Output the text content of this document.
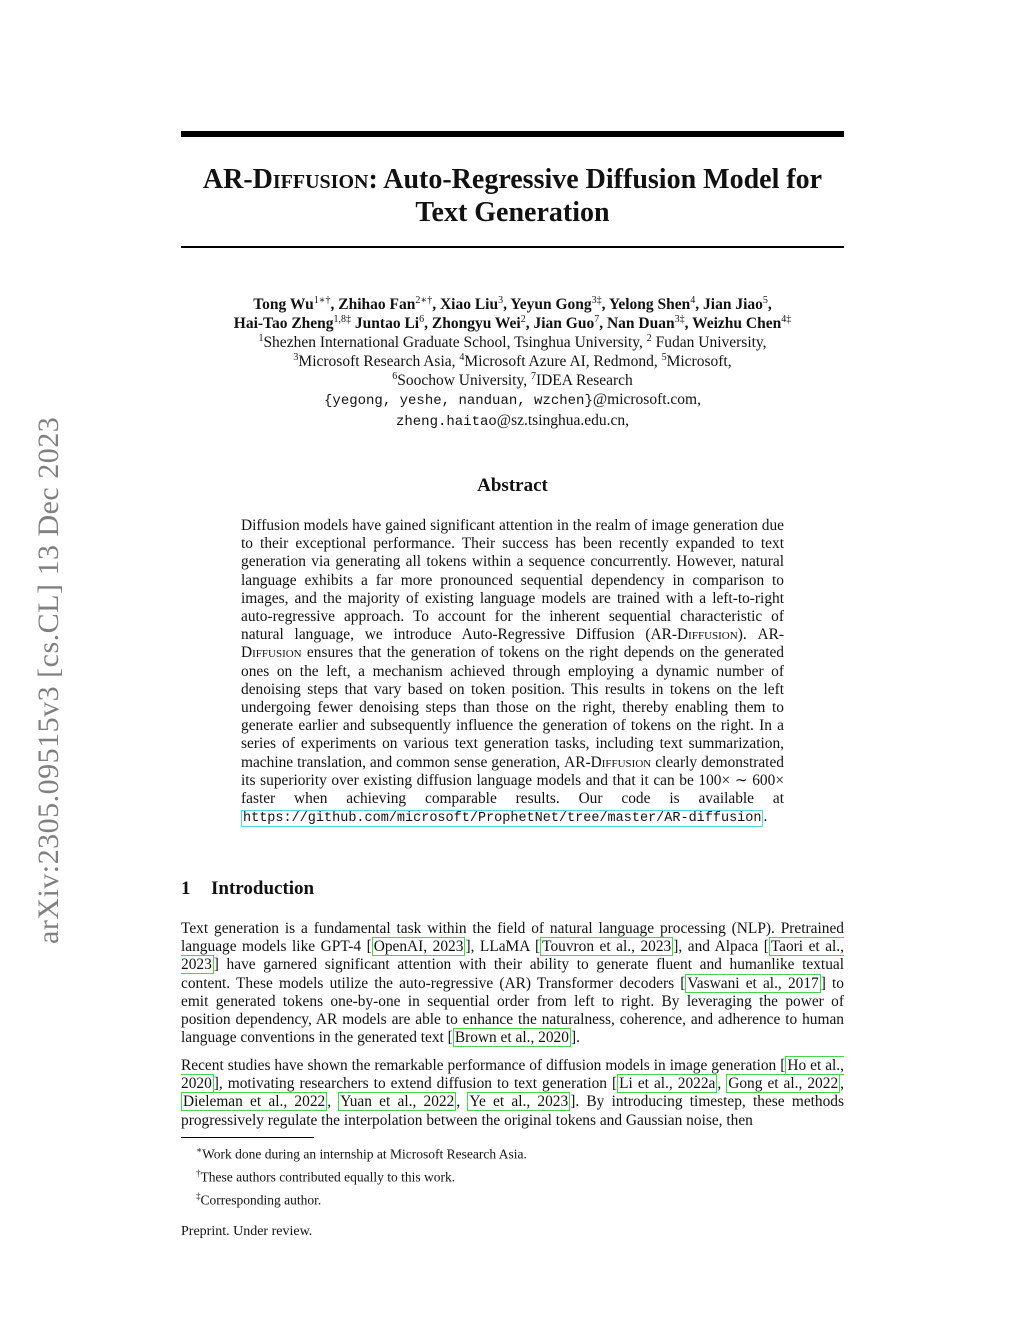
arXiv:2305.09515v3 [cs.CL] 13 Dec 2023
AR-Diffusion: Auto-Regressive Diffusion Model for
Text Generation
Tong $Wu^{1∗\dagger}$, Zhihao Fan$^{2∗\dagger}$, Xiao Liu$^3$, Yeyun Gong$^{3\ddagger}$, Yelong Shen$^4$, Jian Jiao$^5$,
Hai-Tao Zheng$^{1,8\ddagger}$ Juntao Li$^6$, Zhongyu Wei$^2$, Jian Guo$^7$, Nan Duan$^{3\ddagger}$, Weizhu Chen$^{4\ddagger}$
$^1$Shezhen International Graduate School, Tsinghua University, $^2$ Fudan University,
$^3$Microsoft Research Asia, $^4$Microsoft Azure AI, Redmond, $^5$Microsoft,
$^6$Soochow University, $^7$IDEA Research
{yegong, yeshe, nanduan, wzchen}@microsoft.com,
zheng.haitao@sz.tsinghua.edu.cn,
Abstract
Diffusion models have gained significant attention in the realm of image generation due to their exceptional performance. Their success has been recently expanded to text generation via generating all tokens within a sequence concurrently. However, natural language exhibits a far more pronounced sequential dependency in comparison to images, and the majority of existing language models are trained with a left-to-right auto-regressive approach. To account for the inherent sequential characteristic of natural language, we introduce Auto-Regressive Diffusion (AR-Diffusion). AR-Diffusion ensures that the generation of tokens on the right depends on the generated ones on the left, a mechanism achieved through employing a dynamic number of denoising steps that vary based on token position. This results in tokens on the left undergoing fewer denoising steps than those on the right, thereby enabling them to generate earlier and subsequently influence the generation of tokens on the right. In a series of experiments on various text generation tasks, including text summarization, machine translation, and common sense generation, AR-Diffusion clearly demonstrated its superiority over existing diffusion language models and that it can be 100× ∼ 600× faster when achieving comparable results. Our code is available at https://github.com/microsoft/ProphetNet/tree/master/AR-diffusion .
1 Introduction
Text generation is a fundamental task within the field of natural language processing (NLP). Pretrained language models like GPT-4 [ OpenAI, 2023 ], LLaMA [ Touvron et al., 2023 ], and Alpaca [ Taori et al., 2023 ] have garnered significant attention with their ability to generate fluent and humanlike textual content. These models utilize the auto-regressive (AR) Transformer decoders [ Vaswani et al., 2017 ] to emit generated tokens one-by-one in sequential order from left to right. By leveraging the power of position dependency, AR models are able to enhance the naturalness, coherence, and adherence to human language conventions in the generated text [ Brown et al., 2020 ].
Recent studies have shown the remarkable performance of diffusion models in image generation [ Ho et al., 2020 ], motivating researchers to extend diffusion to text generation [ Li et al., 2022a , Gong et al., 2022 , Dieleman et al., 2022 , Yuan et al., 2022 , Ye et al., 2023 ]. By introducing timestep, these methods progressively regulate the interpolation between the original tokens and Gaussian noise, then
∗Work done during an internship at Microsoft Research Asia.
†These authors contributed equally to this work.
‡Corresponding author.
Preprint. Under review.
